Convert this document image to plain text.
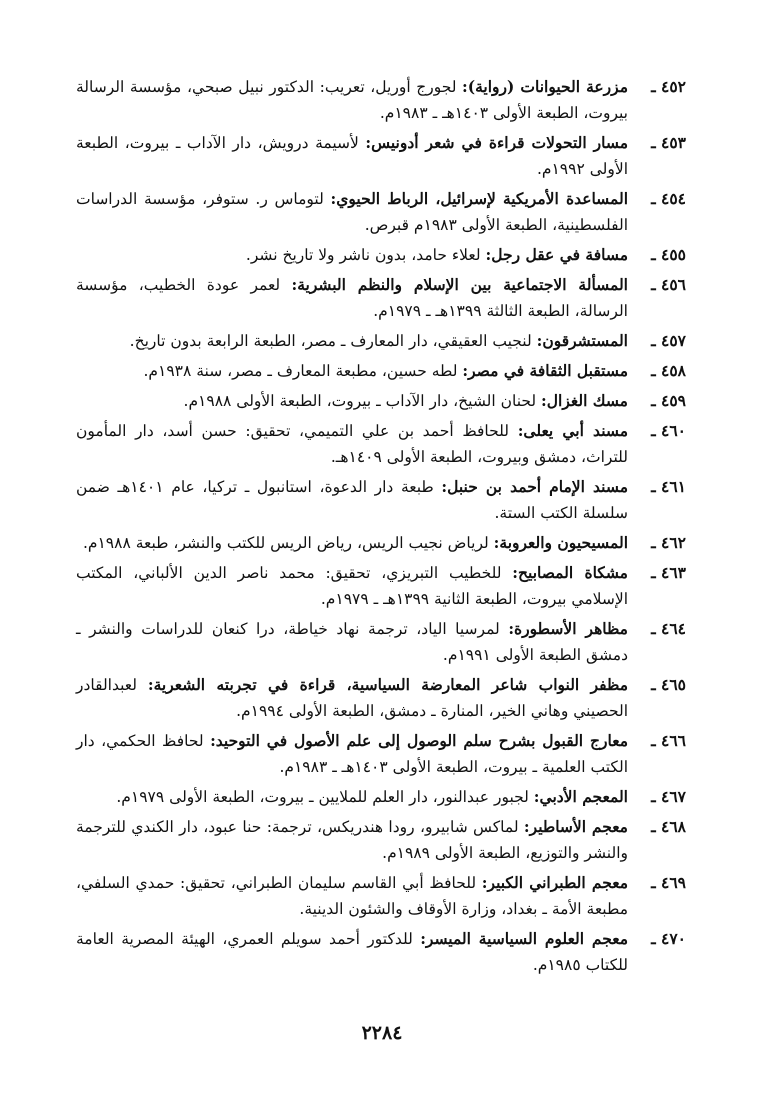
٤٥٢ ـ
مزرعة الحيوانات (رواية): لجورج أوريل، تعريب: الدكتور نبيل صبحي، مؤسسة الرسالة بيروت، الطبعة الأولى ١٤٠٣هـ ـ ١٩٨٣م.
٤٥٣ ـ
مسار التحولات قراءة في شعر أدونيس: لأسيمة درويش، دار الآداب ـ بيروت، الطبعة الأولى ١٩٩٢م.
٤٥٤ ـ
المساعدة الأمريكية لإسرائيل، الرباط الحيوي: لتوماس ر. ستوفر، مؤسسة الدراسات الفلسطينية، الطبعة الأولى ١٩٨٣م قبرص.
٤٥٥ ـ
مسافة في عقل رجل: لعلاء حامد، بدون ناشر ولا تاريخ نشر.
٤٥٦ ـ
المسألة الاجتماعية بين الإسلام والنظم البشرية: لعمر عودة الخطيب، مؤسسة الرسالة، الطبعة الثالثة ١٣٩٩هـ ـ ١٩٧٩م.
٤٥٧ ـ
المستشرقون: لنجيب العقيقي، دار المعارف ـ مصر، الطبعة الرابعة بدون تاريخ.
٤٥٨ ـ
مستقبل الثقافة في مصر: لطه حسين، مطبعة المعارف ـ مصر، سنة ١٩٣٨م.
٤٥٩ ـ
مسك الغزال: لحنان الشيخ، دار الآداب ـ بيروت، الطبعة الأولى ١٩٨٨م.
٤٦٠ ـ
مسند أبي يعلى: للحافظ أحمد بن علي التميمي، تحقيق: حسن أسد، دار المأمون للتراث، دمشق وبيروت، الطبعة الأولى ١٤٠٩هـ.
٤٦١ ـ
مسند الإمام أحمد بن حنبل: طبعة دار الدعوة، استانبول ـ تركيا، عام ١٤٠١هـ ضمن سلسلة الكتب الستة.
٤٦٢ ـ
المسيحيون والعروبة: لرياض نجيب الريس، رياض الريس للكتب والنشر، طبعة ١٩٨٨م.
٤٦٣ ـ
مشكاة المصابيح: للخطيب التبريزي، تحقيق: محمد ناصر الدين الألباني، المكتب الإسلامي بيروت، الطبعة الثانية ١٣٩٩هـ ـ ١٩٧٩م.
٤٦٤ ـ
مظاهر الأسطورة: لمرسيا الياد، ترجمة نهاد خياطة، درا كنعان للدراسات والنشر ـ دمشق الطبعة الأولى ١٩٩١م.
٤٦٥ ـ
مظفر النواب شاعر المعارضة السياسية، قراءة في تجربته الشعرية: لعبدالقادر الحصيني وهاني الخير، المنارة ـ دمشق، الطبعة الأولى ١٩٩٤م.
٤٦٦ ـ
معارج القبول بشرح سلم الوصول إلى علم الأصول في التوحيد: لحافظ الحكمي، دار الكتب العلمية ـ بيروت، الطبعة الأولى ١٤٠٣هـ ـ ١٩٨٣م.
٤٦٧ ـ
المعجم الأدبي: لجبور عبدالنور، دار العلم للملايين ـ بيروت، الطبعة الأولى ١٩٧٩م.
٤٦٨ ـ
معجم الأساطير: لماكس شابيرو، رودا هندريكس، ترجمة: حنا عبود، دار الكندي للترجمة والنشر والتوزيع، الطبعة الأولى ١٩٨٩م.
٤٦٩ ـ
معجم الطبراني الكبير: للحافظ أبي القاسم سليمان الطبراني، تحقيق: حمدي السلفي، مطبعة الأمة ـ بغداد، وزارة الأوقاف والشئون الدينية.
٤٧٠ ـ
معجم العلوم السياسية الميسر: للدكتور أحمد سويلم العمري، الهيئة المصرية العامة للكتاب ١٩٨٥م.
٢٢٨٤
